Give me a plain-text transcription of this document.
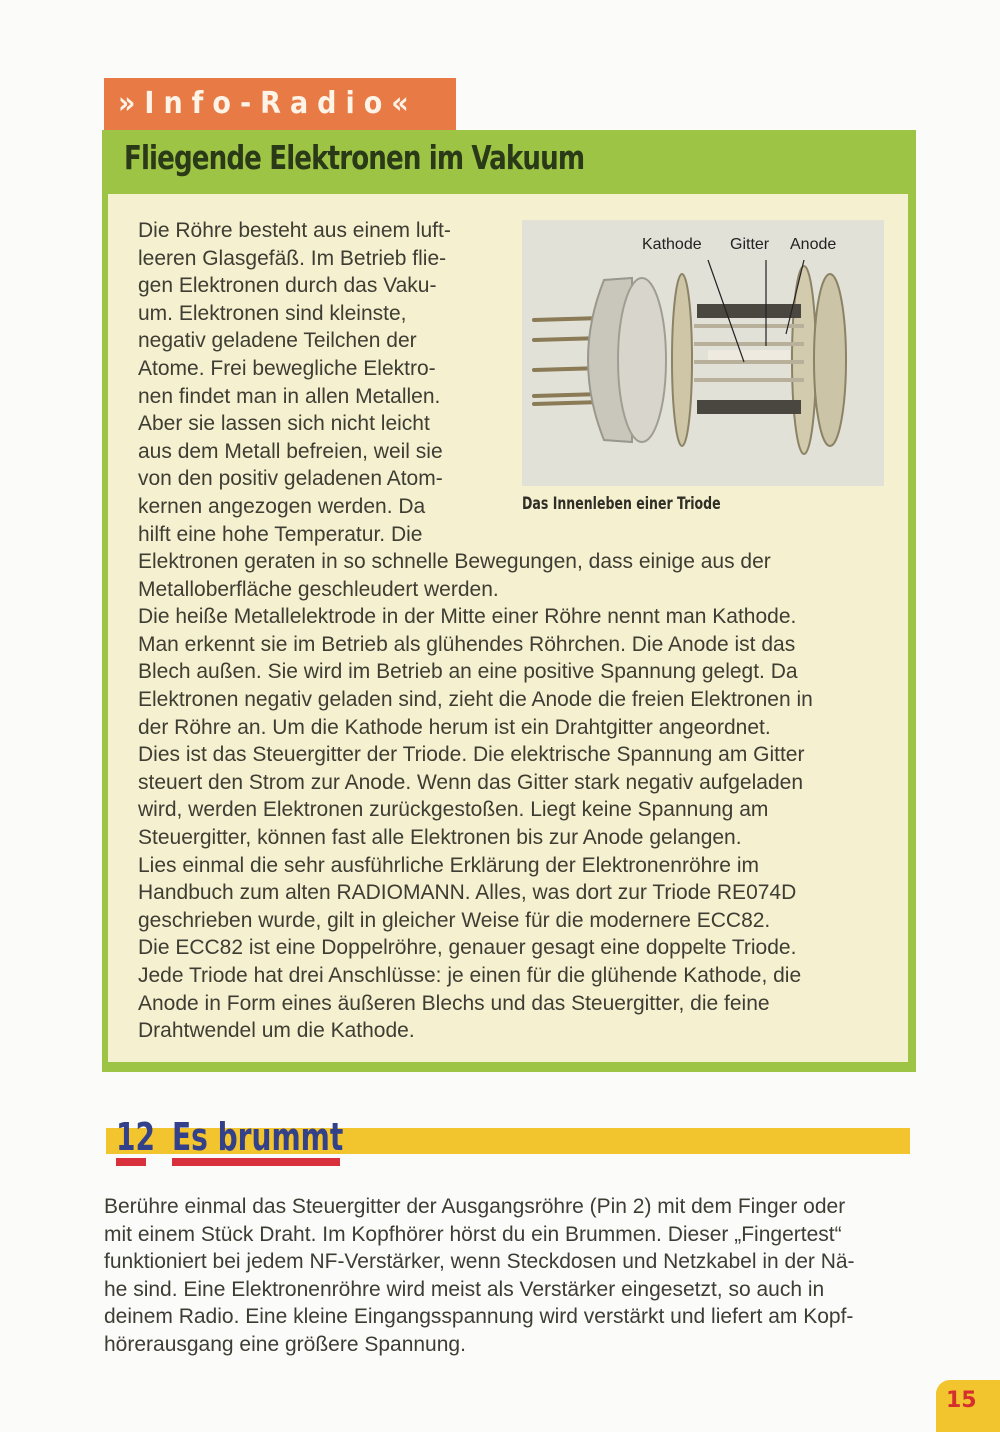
»Info-Radio«
Fliegende Elektronen im Vakuum
Die Röhre besteht aus einem luft-
leeren Glasgefäß. Im Betrieb flie-
gen Elektronen durch das Vaku-
um. Elektronen sind kleinste,
negativ geladene Teilchen der
Atome. Frei bewegliche Elektro-
nen findet man in allen Metallen.
Aber sie lassen sich nicht leicht
aus dem Metall befreien, weil sie
von den positiv geladenen Atom-
kernen angezogen werden. Da
hilft eine hohe Temperatur. Die
Kathode Gitter Anode
Das Innenleben einer Triode
Elektronen geraten in so schnelle Bewegungen, dass einige aus der
Metalloberfläche geschleudert werden.
Die heiße Metallelektrode in der Mitte einer Röhre nennt man Kathode.
Man erkennt sie im Betrieb als glühendes Röhrchen. Die Anode ist das
Blech außen. Sie wird im Betrieb an eine positive Spannung gelegt. Da
Elektronen negativ geladen sind, zieht die Anode die freien Elektronen in
der Röhre an. Um die Kathode herum ist ein Drahtgitter angeordnet.
Dies ist das Steuergitter der Triode. Die elektrische Spannung am Gitter
steuert den Strom zur Anode. Wenn das Gitter stark negativ aufgeladen
wird, werden Elektronen zurückgestoßen. Liegt keine Spannung am
Steuergitter, können fast alle Elektronen bis zur Anode gelangen.
Lies einmal die sehr ausführliche Erklärung der Elektronenröhre im
Handbuch zum alten RADIOMANN. Alles, was dort zur Triode RE074D
geschrieben wurde, gilt in gleicher Weise für die modernere ECC82.
Die ECC82 ist eine Doppelröhre, genauer gesagt eine doppelte Triode.
Jede Triode hat drei Anschlüsse: je einen für die glühende Kathode, die
Anode in Form eines äußeren Blechs und das Steuergitter, die feine
Drahtwendel um die Kathode.
12 Es brummt
Berühre einmal das Steuergitter der Ausgangsröhre (Pin 2) mit dem Finger oder
mit einem Stück Draht. Im Kopfhörer hörst du ein Brummen. Dieser „Fingertest“
funktioniert bei jedem NF-Verstärker, wenn Steckdosen und Netzkabel in der Nä-
he sind. Eine Elektronenröhre wird meist als Verstärker eingesetzt, so auch in
deinem Radio. Eine kleine Eingangsspannung wird verstärkt und liefert am Kopf-
hörerausgang eine größere Spannung.
15
